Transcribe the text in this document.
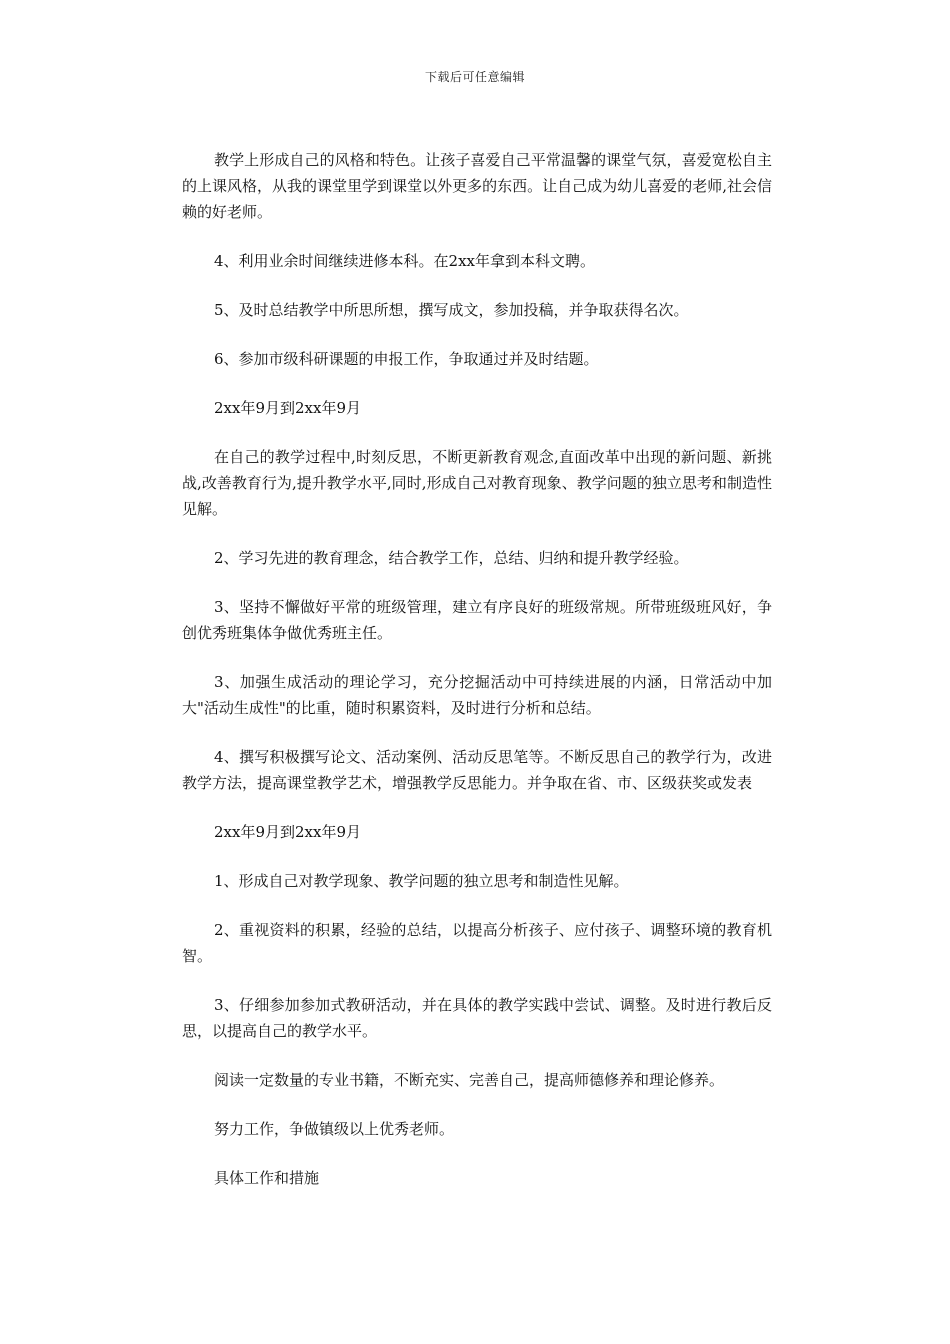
下载后可任意编辑

教学上形成自己的风格和特色。让孩子喜爱自己平常温馨的课堂气氛，喜爱宽松自主的上课风格，从我的课堂里学到课堂以外更多的东西。让自己成为幼儿喜爱的老师,社会信赖的好老师。

4、利用业余时间继续进修本科。在2xx年拿到本科文聘。

5、及时总结教学中所思所想，撰写成文，参加投稿，并争取获得名次。

6、参加市级科研课题的申报工作，争取通过并及时结题。

2xx年9月到2xx年9月

在自己的教学过程中,时刻反思，不断更新教育观念,直面改革中出现的新问题、新挑战,改善教育行为,提升教学水平,同时,形成自己对教育现象、教学问题的独立思考和制造性见解。

2、学习先进的教育理念，结合教学工作，总结、归纳和提升教学经验。

3、坚持不懈做好平常的班级管理，建立有序良好的班级常规。所带班级班风好，争创优秀班集体争做优秀班主任。

3、加强生成活动的理论学习，充分挖掘活动中可持续进展的内涵，日常活动中加大"活动生成性"的比重，随时积累资料，及时进行分析和总结。

4、撰写积极撰写论文、活动案例、活动反思笔等。不断反思自己的教学行为，改进教学方法，提高课堂教学艺术，增强教学反思能力。并争取在省、市、区级获奖或发表

2xx年9月到2xx年9月

1、形成自己对教学现象、教学问题的独立思考和制造性见解。

2、重视资料的积累，经验的总结，以提高分析孩子、应付孩子、调整环境的教育机智。

3、仔细参加参加式教研活动，并在具体的教学实践中尝试、调整。及时进行教后反思，以提高自己的教学水平。

阅读一定数量的专业书籍，不断充实、完善自己，提高师德修养和理论修养。

努力工作，争做镇级以上优秀老师。

具体工作和措施
